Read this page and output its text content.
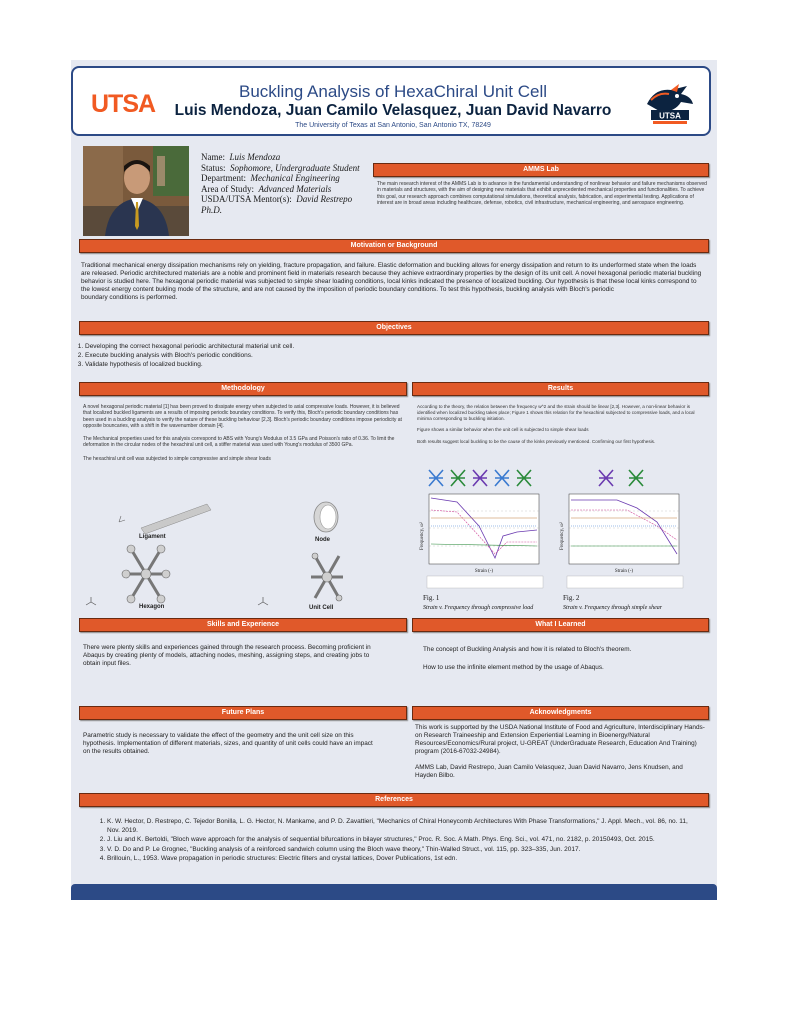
UTSA	Buckling Analysis of HexaChiral Unit Cell
Luis Mendoza, Juan Camilo Velasquez, Juan David Navarro
The University of Texas at San Antonio, San Antonio TX, 78249
UTSA
Name: Luis Mendoza
Status: Sophomore, Undergraduate Student
Department: Mechanical Engineering
Area of Study: Advanced Materials
USDA/UTSA Mentor(s): David Restrepo Ph.D.
AMMS Lab
The main research interest of the AMMS Lab is to advance in the fundamental understanding of nonlinear behavior and failure mechanisms observed in materials and structures, with the aim of designing new materials that exhibit unprecedented mechanical properties and functionalities. To achieve this goal, our research approach combines computational simulations, theoretical analysis, fabrication, and experimental testing. Applications of interest are in broad areas including healthcare, defense, robotics, civil infrastructure, mechanical engineering, and aerospace engineering.
Motivation or Background
Traditional mechanical energy dissipation mechanisms rely on yielding, fracture propagation, and failure. Elastic deformation and buckling allows for energy dissipation and return to its underformed state when the loads are released. Periodic architectured materials are a noble and prominent field in materials research because they achieve extraordinary properties by the design of its unit cell. A novel hexagonal periodic material buckling behavior is studied here. The hexagonal periodic material was subjected to simple shear loading conditions, local kinks indicated the presence of localized buckling. Our hypothesis is that these local kinks correspond to the lowest energy content bukling mode of the structure, and are not caused by the imposition of periodic boundary conditions. To test this hypothesis, buckling analysis with Bloch's periodic
boundary conditions is performed.
Objectives
1. Developing the correct hexagonal periodic architectural material unit cell.
2. Execute buckling analysis with Bloch's periodic conditions.
3. Validate hypothesis of localized buckling.
Methodology

A novel hexagonal periodic material [1] has been proved to dissipate energy when subjected to axial compressive loads. However, it is believed that localized buckled ligaments are a results of imposing periodic boundary conditions. To verify this, Bloch's periodic boundary conditions has been used in a buckling analysis to verify the nature of these buckling behaviour [2,3]. Bloch's periodic boundary conditions impose periodicity at opposite bouncaries, with a shift in the wavenumber domain [4].

The Mechanical properties used for this analysis correspond to ABS with Young's Modulus of 3.5 GPa and Poisson's ratio of 0.36. To limit the deformation in the circular nodes of the hexachiral unit cell, a stiffer material was used with Young's modulus of 3500 GPa.

The hexachiral unit cell was subjected to simple compressive and simple shear loads

Ligament	Node
Hexagon	Unit Cell
Results

According to the theory, the relation between the frequency w^2 and the strain should be linear [2,3]. However, a non-linear behavior is identified when localized buckling takes place; Figure 1 shows this relation for the hexachiral subjected to compressive loads, and a local minima corresponding to buckling initiation.

Figure shows a similar behavior when the unit cell is subjected to simple shear loads

Both results suggest local buckling to be the cause of the kinks previously mentioned. Confirming our first hypothesis.

Frequency, ω²
Strain (-)
Fig. 1
Strain v. Frequency through compressive load
Frequency, ω²
Strain (-)
Fig. 2
Strain v. Frequency through simple shear
Skills and Experience
There were plenty skills and experiences gained through the research process. Becoming proficient in Abaqus by creating plenty of models, attaching nodes, meshing, assigning steps, and creating jobs to obtain input files.
What I Learned

The concept of Buckling Analysis and how it is related to Bloch's theorem.

How to use the infinite element method by the usage of Abaqus.

Future Plans
Parametric study is necessary to validate the effect of the geometry and the unit cell size on this hypothesis. Implementation of different materials, sizes, and quantity of unit cells could have an impact on the results obtained.
Acknowledgments

This work is supported by the USDA National Institute of Food and Agriculture, Interdisciplinary Hands-on Research Traineeship and Extension Experiential Learning in Bioenergy/Natural Resources/Economics/Rural project, U-GREAT (UnderGraduate Research, Education And Training) program (2016-67032-24984).

AMMS Lab, David Restrepo, Juan Camilo Velasquez, Juan David Navarro, Jens Knudsen, and Hayden Bilbo.

References
1. K. W. Hector, D. Restrepo, C. Tejedor Bonilla, L. G. Hector, N. Mankame, and P. D. Zavattieri, "Mechanics of Chiral Honeycomb Architectures With Phase Transformations," J. Appl. Mech., vol. 86, no. 11, Nov. 2019.
2. J. Liu and K. Bertoldi, "Bloch wave approach for the analysis of sequential bifurcations in bilayer structures," Proc. R. Soc. A Math. Phys. Eng. Sci., vol. 471, no. 2182, p. 20150493, Oct. 2015.
3. V. D. Do and P. Le Grognec, "Buckling analysis of a reinforced sandwich column using the Bloch wave theory," Thin-Walled Struct., vol. 115, pp. 323–335, Jun. 2017.
4. Brillouin, L., 1953. Wave propagation in periodic structures: Electric filters and crystal lattices, Dover Publications, 1st edn.
